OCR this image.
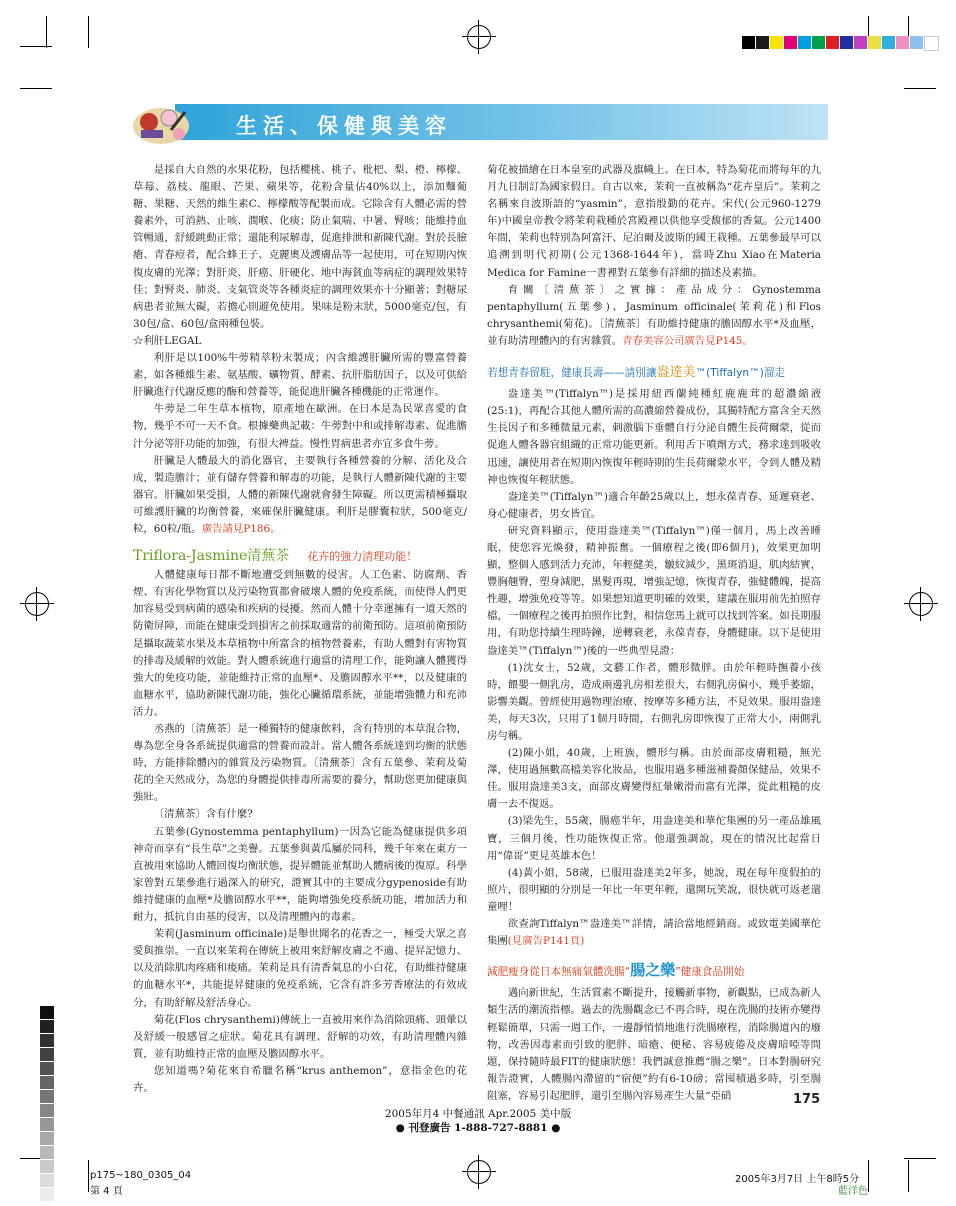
生活、保健與美容

是採自大自然的水果花粉，包括櫻桃、桃子、枇杷、梨、橙、檸檬、草莓、荔枝、龍眼、芒果、蘋果等，花粉含量佔40%以上，添加麵葡糖、果糖、天然的維生素C、檸檬酸等配製而成。它除含有人體必需的營養素外，可消熱、止咳、潤喉、化痰；防止氣喘、中暑、腎咳；能維持血管暢通，舒緩跳動正常；還能利尿解毒，促進排泄和新陳代謝。對於長臉瘡、青春痘者，配合蜂王子、克麗奧及護膚品等一起使用，可在短期內恢復皮膚的光澤；對肝炎、肝癌、肝硬化、地中海貧血等病症的調理效果特佳；對腎炎、肺炎、支氣管炎等各種炎症的調理效果亦十分顯著；對糖尿病患者並無大礙，若擔心則避免使用。果味是粉末狀，5000毫克/包，有30包/盒、60包/盒兩種包裝。

☆利肝LEGAL

利肝是以100%牛蒡精萃粉末製成；內含維護肝臟所需的豐富營養素，如各種維生素、氨基酸、礦物質、酵素、抗肝脂肪因子，以及可供給肝臟進行代謝反應的酶和營養等，能促進肝臟各種機能的正常運作。

牛蒡是二年生草本植物，原產地在歐洲。在日本是為民眾喜愛的食物，幾乎不可一天不食。根據藥典記載：牛蒡對中和或排解毒素、促進膽汁分泌等肝功能的加強，有很大裨益。慢性胃病患者亦宜多食牛蒡。

肝臟是人體最大的消化器官，主要執行各種營養的分解、活化及合成，製造膽汁；並有儲存營養和解毒的功能，是執行人體新陳代謝的主要器官。肝臟如果受損，人體的新陳代謝就會發生障礙。所以更需積極攝取可維護肝臟的均衡營養，來確保肝臟健康。利肝是膠囊粒狀，500毫克/粒，60粒/瓶。廣告請見P186。

Triflora-Jasmine清蕪茶 花卉的強力清理功能！

人體健康每日都不斷地遭受到無數的侵害。人工色素、防腐劑、香煙、有害化學物質以及污染物質都會破壞人體的免疫系統，而使得人們更加容易受到病菌的感染和疾病的侵擾。然而人體十分幸運擁有一道天然的防衛屏障，而能在健康受到損害之前採取適當的前衛預防。這項前衛預防是攝取蔬菜水果及本草植物中所富含的植物營養素，有助人體對有害物質的排毒及緩解的效能。對人體系統進行適當的清理工作，能夠讓人體獲得強大的免疫功能，並能維持正常的血壓*、及膽固醇水平**，以及健康的血糖水平，協助新陳代謝功能，強化心臟循環系統，並能增強體力和充沛活力。

丞燕的〔清蕪茶〕是一種獨特的健康飲料，含有特別的本草混合物，專為您全身各系統提供適當的營養而設計。當人體各系統達到均衡的狀態時，方能排除體內的雜質及污染物質。〔清蕪茶〕含有五葉參、茉莉及菊花的全天然成分，為您的身體提供排毒所需要的養分，幫助您更加健康與強壯。

〔清蕪茶〕含有什麼?

五葉參(Gynostemma pentaphyllum)一因為它能為健康提供多項神奇而享有“長生草”之美譽。五葉參與黃瓜屬於同科，幾千年來在東方一直被用來協助人體回復均衡狀態，提昇體能並幫助人體病後的復原。科學家曾對五葉參進行過深入的研究，證實其中的主要成分gypenoside有助維持健康的血壓*及膽固醇水平**，能夠增強免疫系統功能，增加活力和耐力，抵抗自由基的侵害，以及清理體內的毒素。

茉莉(Jasminum officinale)是舉世聞名的花香之一，極受大眾之喜愛與推崇。一直以來茉莉在傳統上被用來舒解皮膚之不適、提昇記憶力、以及消除肌肉疼痛和痠痛。茉莉是具有清香氣息的小白花，有助維持健康的血糖水平*，共能提昇健康的免疫系統，它含有許多芳香療法的有效成分，有助舒解及舒活身心。

菊花(Flos chrysanthemi)傳統上一直被用來作為消除頭痛、頭暈以及舒緩一般感冒之症狀。菊花具有調理、舒解的功效，有助清理體內雜質，並有助維持正常的血壓及膽固醇水平。

您知道嗎?菊花來自希臘名稱“krus anthemon”，意指金色的花卉。

菊花被描繪在日本皇室的武器及旗幟上。在日本，特為菊花而將每年的九月九日制訂為國家假日。自古以來，茉莉一直被稱為“花卉皇后”。茉莉之名稱來自波斯語的“yasmin”，意指殷勤的花卉。宋代(公元960-1279年)中國皇帝教令將茉莉栽種於宮殿裡以供他享受馥郁的香氣。公元1400年間，茉莉也特別為阿富汗、尼泊爾及波斯的國王栽種。五葉參最早可以追溯到明代初期(公元1368-1644年)，當時Zhu Xiao在Materia Medica for Famine一書裡對五葉參有詳細的描述及素描。

育關〔清蕪茶〕之實據：產品成分：Gynostemma pentaphyllum(五葉參)、Jasminum officinale(茉莉花)和Flos chrysanthemi(菊花)。〔清蕪茶〕有助維持健康的膽固醇水平*及血壓，並有助清理體內的有害雜質。青春美容公司廣告見P145。

若想青春留駐，健康長壽——請別讓盎達美™(Tiffalyn™)溜走

盎達美™(Tiffalyn™)是採用紐西蘭純種紅鹿鹿茸的超濃縮液(25:1)，再配合其他人體所需的高濃縮營養成份，其獨特配方富含全天然生長因子和多種微量元素，刺激腦下垂體自行分泌自體生長荷爾蒙，從而促進人體各器官組織的正常功能更新。利用舌下噴劑方式，務求達到吸收迅速，讓使用者在短期內恢復年輕時期的生長荷爾蒙水平，令到人體及精神也恢復年輕狀態。

盎達美™(Tiffalyn™)適合年齡25歲以上，想永葆青春、延遲衰老、身心健康者，男女皆宜。

研究資料顯示，使用盎達美™(Tiffalyn™)僅一個月，馬上改善睡眠，使您容光煥發，精神振奮。一個療程之後(即6個月)，效果更加明顯，整個人感到活力充沛，年輕健美，皺紋減少，黑斑消退，肌肉結實，豐胸翹臀，塑身減肥，黑髮再現，增強記憶，恢復青春，強健體魄，提高性趣，增強免疫等等。如果想知道更明確的效果，建議在服用前先拍照存檔，一個療程之後再拍照作比對，相信您馬上就可以找到答案。如長期服用，有助您持續生理時鐘，逆轉衰老，永葆青春，身體健康。以下是使用盎達美™(Tiffalyn™)後的一些典型見證：

(1)沈女士，52歲，文藝工作者，體形微胖。由於年輕時撫養小孩時，餵嬰一側乳房，造成兩邊乳房相差很大，右側乳房偏小，幾乎萎縮，影響美觀。曾經使用過物理治療、按摩等多種方法，不見效果。服用盎達美，每天3次，只用了1個月時間，右側乳房即恢復了正常大小，兩側乳房勻稱。

(2)陳小姐，40歲，上班族，體形勻稱。由於面部皮膚粗糙，無光澤，使用過無數高檔美容化妝品，也服用過多種滋補養顏保健品，效果不佳。服用盎達美3支，面部皮膚變得紅暈嫩滑而富有光澤，從此粗糙的皮膚一去不復返。

(3)梁先生，55歲，腸癌半年，用盎達美和華佗集團的另一產品雄風寶，三個月後，性功能恢復正常。他還強調說，現在的情況比起當日用“偉哥”更見英雄本色！

(4)黃小姐，58歲，已服用盎達美2年多，她說，現在每年度假拍的照片，很明顯的分別是一年比一年更年輕，還開玩笑說，很快就可返老還童哩！

欲查詢Tiffalyn™盎達美™詳情，請洽當地經銷商。或致電美國華佗集團(見廣告P141頁)

減肥瘦身從日本無痛氣體洗腸“腸之樂”健康食品開始

邁向新世紀，生活質素不斷提升，接觸新事物，新觀點，已成為新人類生活的潮流指標。過去的洗腸觀念已不再合時，現在洗腸的技術亦變得輕鬆簡單，只需一週工作，一邊靜悄悄地進行洗腸療程，消除腸道內的廢物，改善因毒素而引致的肥胖、暗瘡、便秘、容易疲倦及皮膚暗啞等問題，保持隨時最FIT的健康狀態！我們誠意推薦“腸之樂”。日本對腸研究報告證實，人體腸內滯留的“宿便”約有6-10磅；當囤積過多時，引至腸阻塞，容易引起肥胖，還引至腸內容易產生大量“亞硝	175
2005年月4 中餐通訊 Apr.2005 美中版
● 刊登廣告 1-888-727-8881 ●
p175~180_0305_04
第 4 頁
2005年3月7日 上午8時5分
藍洋色
